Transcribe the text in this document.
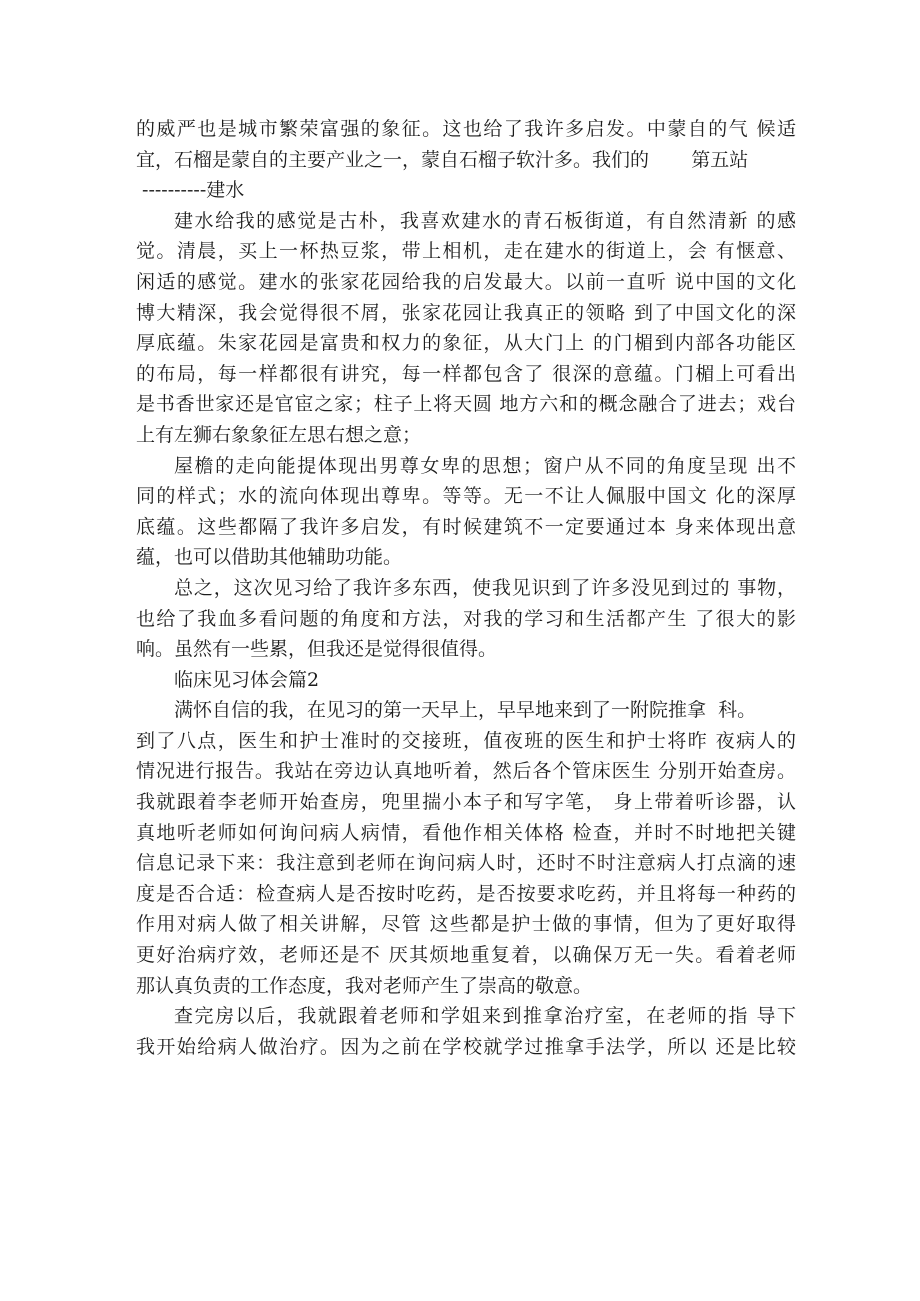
的威严也是城市繁荣富强的象征。这也给了我许多启发。中蒙自的气 候适
宜，石榴是蒙自的主要产业之一，蒙自石榴子软汁多。我们的       第五站
----------建水
建水给我的感觉是古朴，我喜欢建水的青石板街道，有自然清新 的感
觉。清晨，买上一杯热豆浆，带上相机，走在建水的街道上，会 有惬意、
闲适的感觉。建水的张家花园给我的启发最大。以前一直听 说中国的文化
博大精深，我会觉得很不屑，张家花园让我真正的领略 到了中国文化的深
厚底蕴。朱家花园是富贵和权力的象征，从大门上 的门楣到内部各功能区
的布局，每一样都很有讲究，每一样都包含了 很深的意蕴。门楣上可看出
是书香世家还是官宦之家；柱子上将天圆 地方六和的概念融合了进去；戏台
上有左狮右象象征左思右想之意；
屋檐的走向能提体现出男尊女卑的思想；窗户从不同的角度呈现 出不
同的样式；水的流向体现出尊卑。等等。无一不让人佩服中国文 化的深厚
底蕴。这些都隔了我许多启发，有时候建筑不一定要通过本 身来体现出意
蕴，也可以借助其他辅助功能。
总之，这次见习给了我许多东西，使我见识到了许多没见到过的 事物，
也给了我血多看问题的角度和方法，对我的学习和生活都产生 了很大的影
响。虽然有一些累，但我还是觉得很值得。
临床见习体会篇2
满怀自信的我，在见习的第一天早上，早早地来到了一附院推拿  科。
到了八点，医生和护士准时的交接班，值夜班的医生和护士将昨 夜病人的
情况进行报告。我站在旁边认真地听着，然后各个管床医生 分别开始查房。
我就跟着李老师开始查房，兜里揣小本子和写字笔， 身上带着听诊器，认
真地听老师如何询问病人病情，看他作相关体格 检查，并时不时地把关键
信息记录下来：我注意到老师在询问病人时，还时不时注意病人打点滴的速
度是否合适：检查病人是否按时吃药，是否按要求吃药，并且将每一种药的
作用对病人做了相关讲解，尽管 这些都是护士做的事情，但为了更好取得
更好治病疗效，老师还是不 厌其烦地重复着，以确保万无一失。看着老师
那认真负责的工作态度，我对老师产生了崇高的敬意。
查完房以后，我就跟着老师和学姐来到推拿治疗室，在老师的指 导下
我开始给病人做治疗。因为之前在学校就学过推拿手法学，所以 还是比较
